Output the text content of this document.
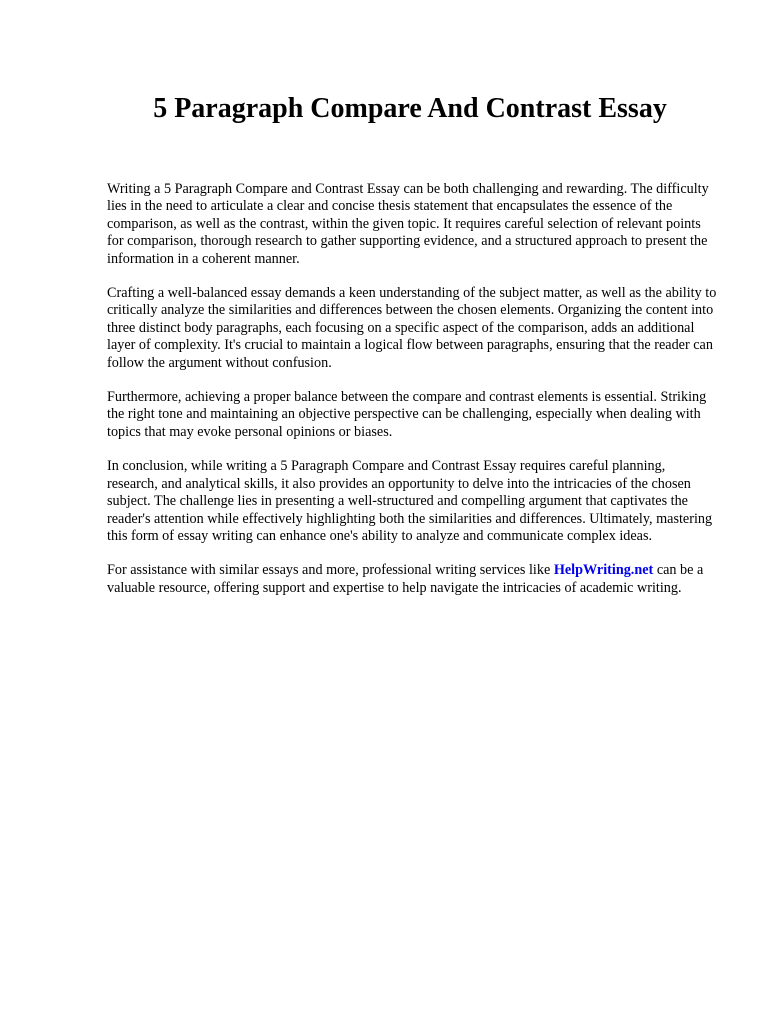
5 Paragraph Compare And Contrast Essay

Writing a 5 Paragraph Compare and Contrast Essay can be both challenging and rewarding. The difficulty lies in the need to articulate a clear and concise thesis statement that encapsulates the essence of the comparison, as well as the contrast, within the given topic. It requires careful selection of relevant points for comparison, thorough research to gather supporting evidence, and a structured approach to present the information in a coherent manner.

Crafting a well-balanced essay demands a keen understanding of the subject matter, as well as the ability to critically analyze the similarities and differences between the chosen elements. Organizing the content into three distinct body paragraphs, each focusing on a specific aspect of the comparison, adds an additional layer of complexity. It's crucial to maintain a logical flow between paragraphs, ensuring that the reader can follow the argument without confusion.

Furthermore, achieving a proper balance between the compare and contrast elements is essential. Striking the right tone and maintaining an objective perspective can be challenging, especially when dealing with topics that may evoke personal opinions or biases.

In conclusion, while writing a 5 Paragraph Compare and Contrast Essay requires careful planning, research, and analytical skills, it also provides an opportunity to delve into the intricacies of the chosen subject. The challenge lies in presenting a well-structured and compelling argument that captivates the reader's attention while effectively highlighting both the similarities and differences. Ultimately, mastering this form of essay writing can enhance one's ability to analyze and communicate complex ideas.

For assistance with similar essays and more, professional writing services like HelpWriting.net can be a valuable resource, offering support and expertise to help navigate the intricacies of academic writing.
